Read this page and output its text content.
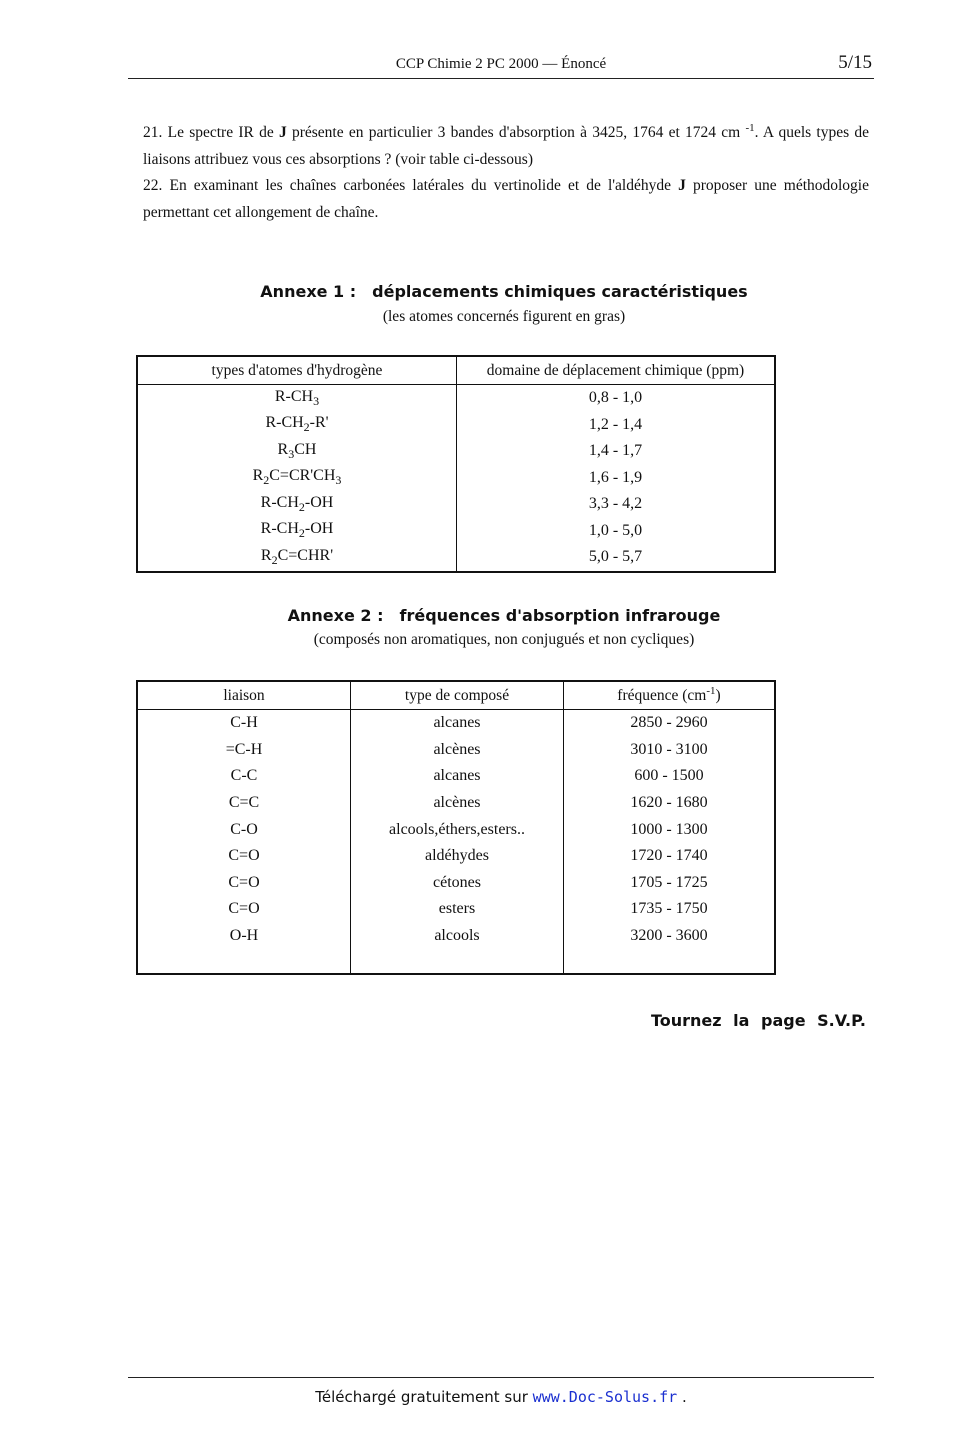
CCP Chimie 2 PC 2000 — Énoncé	5/15
21. Le spectre IR de J présente en particulier 3 bandes d'absorption à 3425, 1764 et 1724 cm $^{-1}$. A quels types de liaisons attribuez vous ces absorptions ? (voir table ci-dessous)
22. En examinant les chaînes carbonées latérales du vertinolide et de l'aldéhyde J proposer une méthodologie permettant cet allongement de chaîne.
Annexe 1 : déplacements chimiques caractéristiques
(les atomes concernés figurent en gras)
types d'atomes d'hydrogène	domaine de déplacement chimique (ppm)
$R-CH_3$	0,8 - 1,0
$R-CH_2-R'$	1,2 - 1,4
$R_3CH$	1,4 - 1,7
$R_2C=CR'CH_3$	1,6 - 1,9
$R-CH_2-OH$	3,3 - 4,2
$R-CH_2-OH$	1,0 - 5,0
$R_2C=CHR'$	5,0 - 5,7
Annexe 2 : fréquences d'absorption infrarouge
(composés non aromatiques, non conjugués et non cycliques)
liaison	type de composé	fréquence $(cm^{-1})$
C-H	alcanes	2850 - 2960
=C-H	alcènes	3010 - 3100
C-C	alcanes	600 - 1500
C=C	alcènes	1620 - 1680
C-O	alcools,éthers,esters..	1000 - 1300
C=O	aldéhydes	1720 - 1740
C=O	cétones	1705 - 1725
C=O	esters	1735 - 1750
O-H	alcools	3200 - 3600

Tournez la page S.V.P.
Téléchargé gratuitement sur www.Doc-Solus.fr .
